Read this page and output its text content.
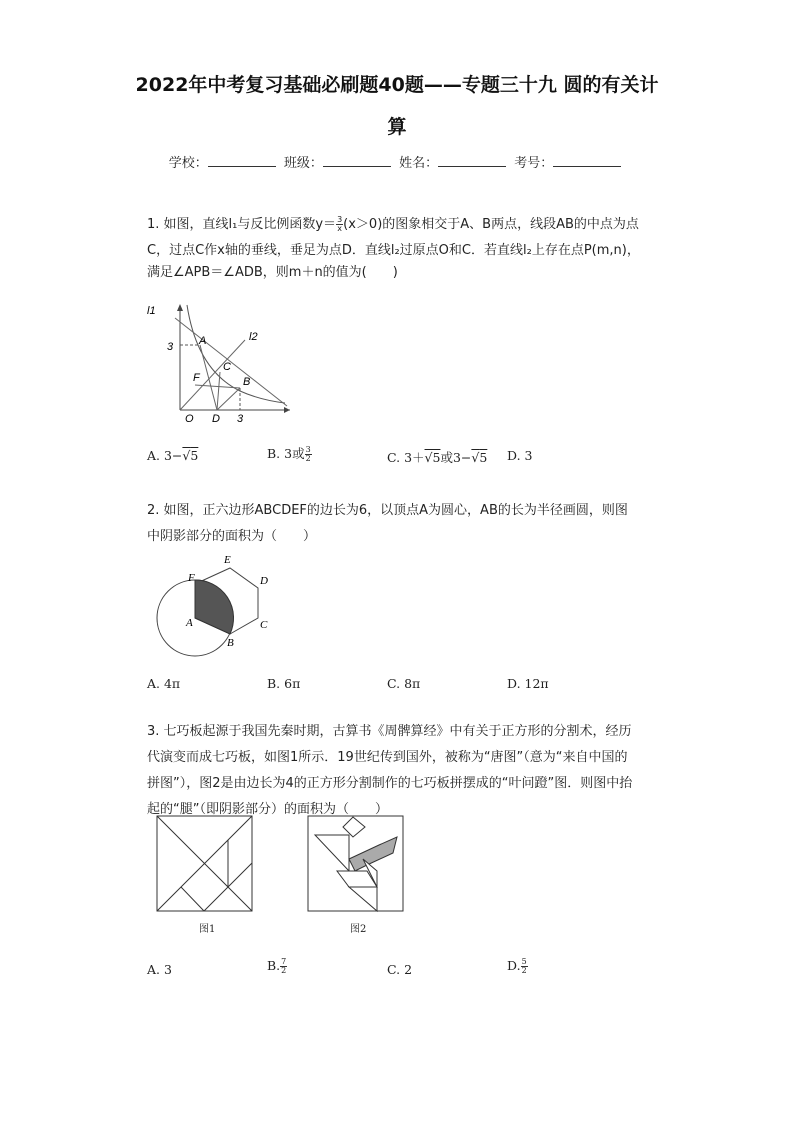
2022年中考复习基础必刷题40题——专题三十九 圆的有关计
算
学校：	班级：	姓名：	考号：
1. 如图，直线l₁与反比例函数$y= \frac{3}{x} (x>0)$的图象相交于A、B两点，线段AB的中点为点
C，过点C作x轴的垂线，垂足为点D．直线l₂过原点O和C．若直线l₂上存在点P(m,n)，
满足∠APB＝∠ADB，则m＋n的值为(　　)
l1
l2
3 A
C
F	B
O D 3
A. 3−√5	B. 3或 $\frac{3}{2}$	C. 3＋√5或3−√5 D. 3
2. 如图，正六边形ABCDEF的边长为6，以顶点A为圆心，AB的长为半径画圆，则图
中阴影部分的面积为（　　）
A
B
C
D
E
F
A. 4π	B. 6π	C. 8π	D. 12π
3. 七巧板起源于我国先秦时期，古算书《周髀算经》中有关于正方形的分割术，经历
代演变而成七巧板，如图1所示．19世纪传到国外，被称为“唐图”（意为“来自中国的
拼图”），图2是由边长为4的正方形分割制作的七巧板拼摆成的“叶问蹬”图．则图中抬
起的“腿”（即阴影部分）的面积为（　　）
图1	图2
A. 3	B. $\frac{7}{2}$	C. 2	D. $\frac{5}{2}$
